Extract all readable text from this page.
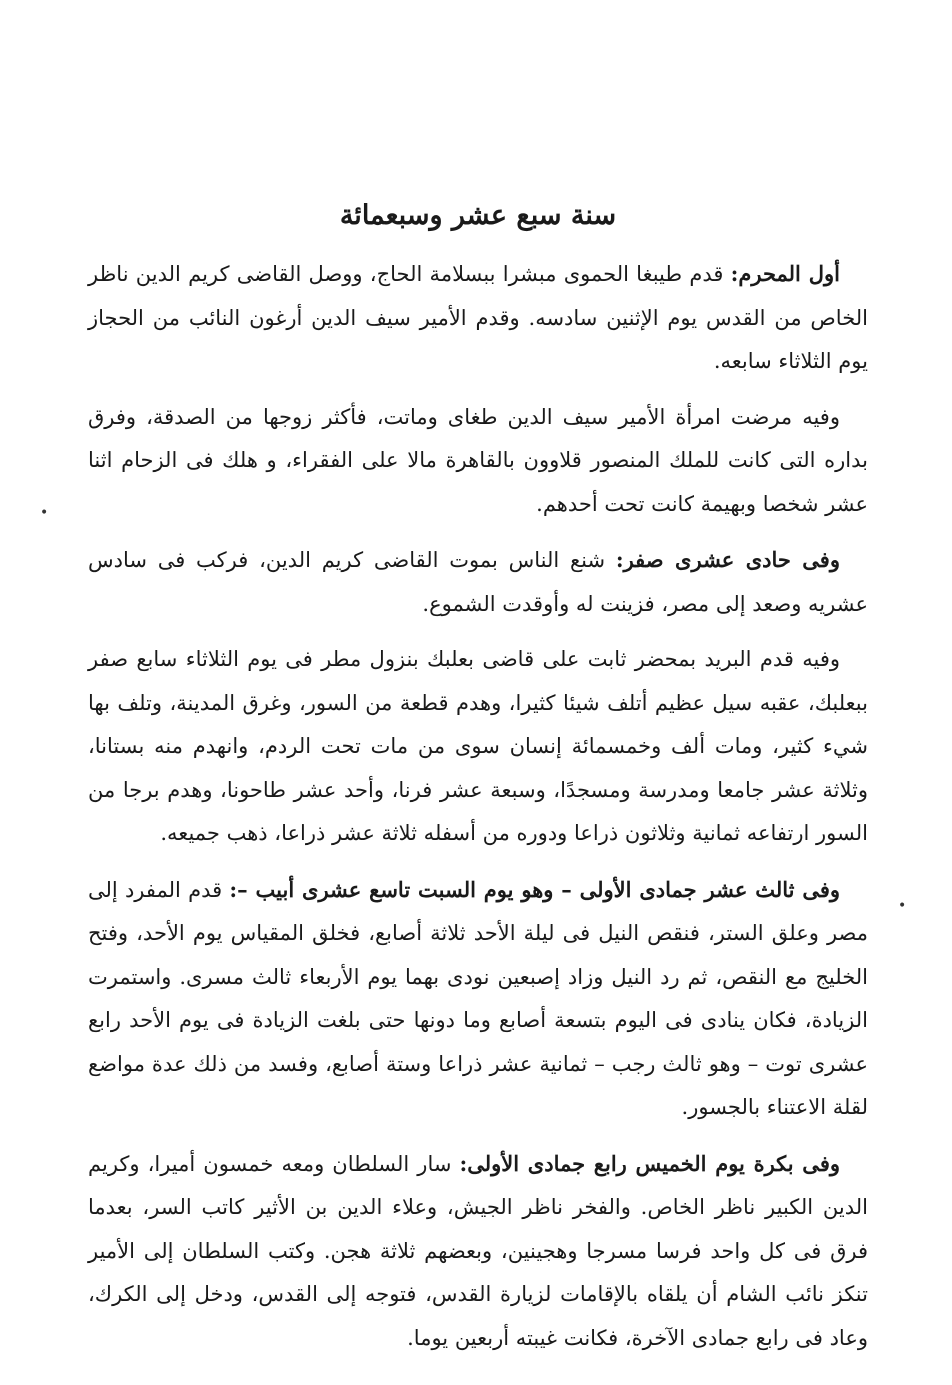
•
•
سنة سبع عشر وسبعمائة

أول المحرم: قدم طيبغا الحموى مبشرا ببسلامة الحاج، ووصل القاضى كريم الدين ناظر الخاص من القدس يوم الإثنين سادسه. وقدم الأمير سيف الدين أرغون النائب من الحجاز يوم الثلاثاء سابعه.

وفيه مرضت امرأة الأمير سيف الدين طغاى وماتت، فأكثر زوجها من الصدقة، وفرق بداره التى كانت للملك المنصور قلاوون بالقاهرة مالا على الفقراء، و هلك فى الزحام اثنا عشر شخصا وبهيمة كانت تحت أحدهم.

وفى حادى عشرى صفر: شنع الناس بموت القاضى كريم الدين، فركب فى سادس عشريه وصعد إلى مصر، فزينت له وأوقدت الشموع.

وفيه قدم البريد بمحضر ثابت على قاضى بعلبك بنزول مطر فى يوم الثلاثاء سابع صفر ببعلبك، عقبه سيل عظيم أتلف شيئا كثيرا، وهدم قطعة من السور، وغرق المدينة، وتلف بها شيء كثير، ومات ألف وخمسمائة إنسان سوى من مات تحت الردم، وانهدم منه بستانا، وثلاثة عشر جامعا ومدرسة ومسجدًا، وسبعة عشر فرنا، وأحد عشر طاحونا، وهدم برجا من السور ارتفاعه ثمانية وثلاثون ذراعا ودوره من أسفله ثلاثة عشر ذراعا، ذهب جميعه.

وفى ثالث عشر جمادى الأولى – وهو يوم السبت تاسع عشرى أبيب –: قدم المفرد إلى مصر وعلق الستر، فنقص النيل فى ليلة الأحد ثلاثة أصابع، فخلق المقياس يوم الأحد، وفتح الخليج مع النقص، ثم رد النيل وزاد إصبعين نودى بهما يوم الأربعاء ثالث مسرى. واستمرت الزيادة، فكان ينادى فى اليوم بتسعة أصابع وما دونها حتى بلغت الزيادة فى يوم الأحد رابع عشرى توت – وهو ثالث رجب – ثمانية عشر ذراعا وستة أصابع، وفسد من ذلك عدة مواضع لقلة الاعتناء بالجسور.

وفى بكرة يوم الخميس رابع جمادى الأولى: سار السلطان ومعه خمسون أميرا، وكريم الدين الكبير ناظر الخاص. والفخر ناظر الجيش، وعلاء الدين بن الأثير كاتب السر، بعدما فرق فى كل واحد فرسا مسرجا وهجينين، وبعضهم ثلاثة هجن. وكتب السلطان إلى الأمير تنكز نائب الشام أن يلقاه بالإقامات لزيارة القدس، فتوجه إلى القدس، ودخل إلى الكرك، وعاد فى رابع جمادى الآخرة، فكانت غيبته أربعين يوما.
